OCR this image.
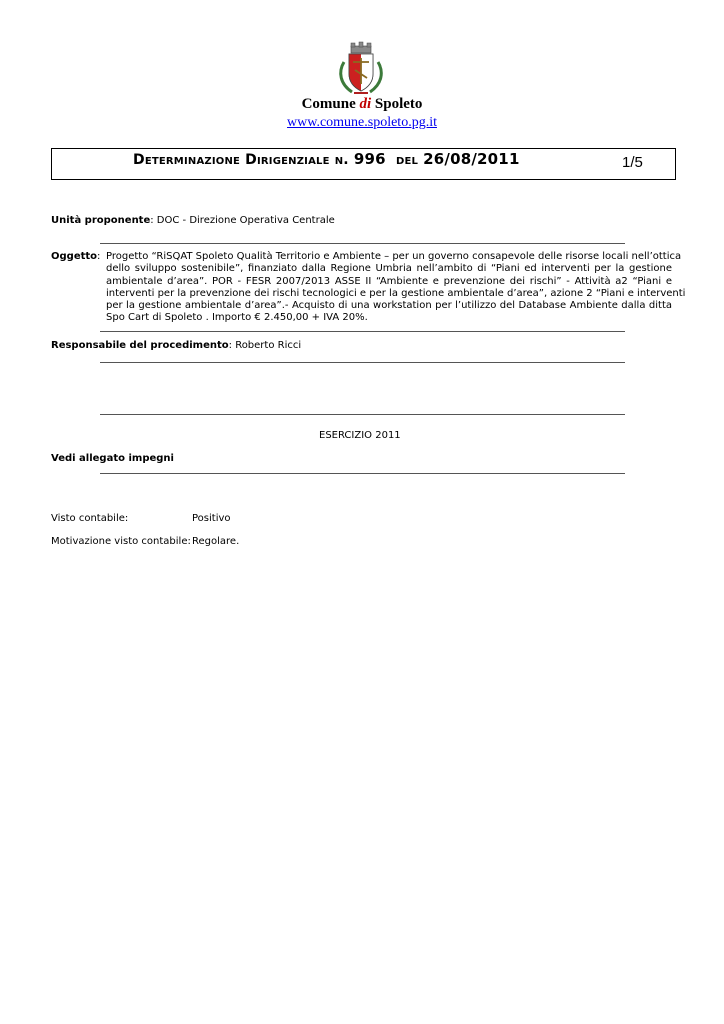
Comune di Spoleto
www.comune.spoleto.pg.it
Determinazione Dirigenziale n. 996 del 26/08/2011	1/5
Unità proponente: DOC - Direzione Operativa Centrale
Oggetto: Progetto “RiSQAT Spoleto Qualità Territorio e Ambiente – per un governo consapevole delle risorse locali nell’ottica
dello sviluppo sostenibile”, finanziato dalla Regione Umbria nell’ambito di “Piani ed interventi per la gestione
ambientale d’area”. POR - FESR 2007/2013 ASSE II “Ambiente e prevenzione dei rischi” - Attività a2 “Piani e
interventi per la prevenzione dei rischi tecnologici e per la gestione ambientale d’area”, azione 2 “Piani e interventi
per la gestione ambientale d’area”.- Acquisto di una workstation per l’utilizzo del Database Ambiente dalla ditta
Spo Cart di Spoleto . Importo € 2.450,00 + IVA 20%.
Responsabile del procedimento: Roberto Ricci
ESERCIZIO 2011
Vedi allegato impegni
Visto contabile:	Positivo
Motivazione visto contabile: Regolare.
